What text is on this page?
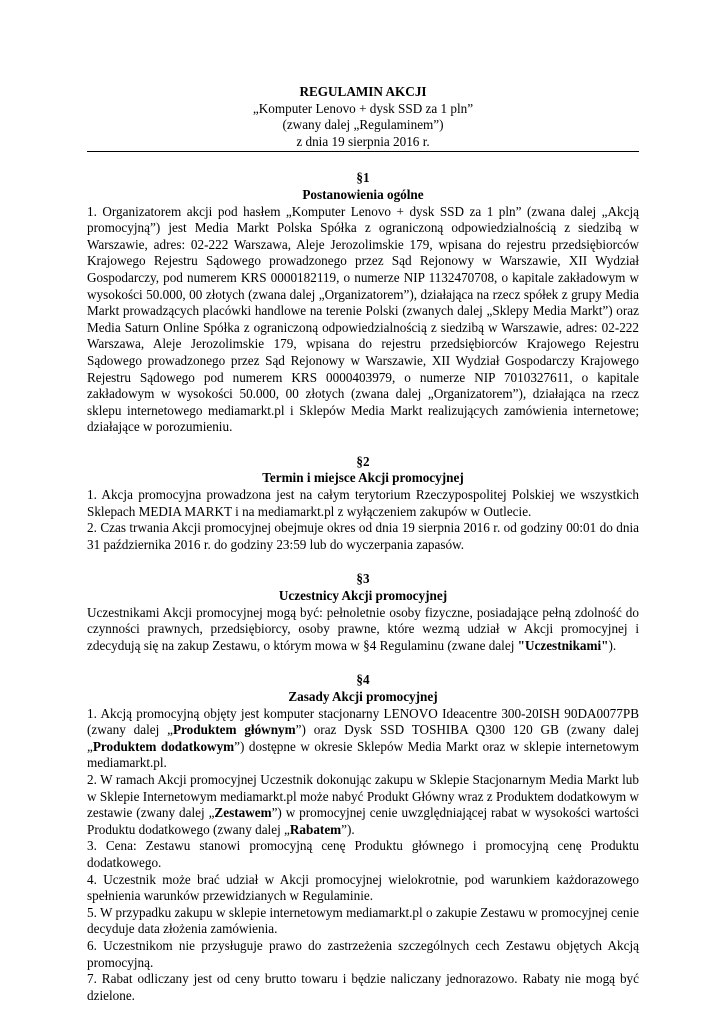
REGULAMIN AKCJI
„Komputer Lenovo + dysk SSD za 1 pln”
(zwany dalej „Regulaminem”)
z dnia 19 sierpnia 2016 r.
§1
Postanowienia ogólne

1. Organizatorem akcji pod hasłem „Komputer Lenovo + dysk SSD za 1 pln” (zwana dalej „Akcją promocyjną”) jest Media Markt Polska Spółka z ograniczoną odpowiedzialnością z siedzibą w Warszawie, adres: 02-222 Warszawa, Aleje Jerozolimskie 179, wpisana do rejestru przedsiębiorców Krajowego Rejestru Sądowego prowadzonego przez Sąd Rejonowy w Warszawie, XII Wydział Gospodarczy, pod numerem KRS 0000182119, o numerze NIP 1132470708, o kapitale zakładowym w wysokości 50.000, 00 złotych (zwana dalej „Organizatorem”), działająca na rzecz spółek z grupy Media Markt prowadzących placówki handlowe na terenie Polski (zwanych dalej „Sklepy Media Markt”) oraz Media Saturn Online Spółka z ograniczoną odpowiedzialnością z siedzibą w Warszawie, adres: 02-222 Warszawa, Aleje Jerozolimskie 179, wpisana do rejestru przedsiębiorców Krajowego Rejestru Sądowego prowadzonego przez Sąd Rejonowy w Warszawie, XII Wydział Gospodarczy Krajowego Rejestru Sądowego pod numerem KRS 0000403979, o numerze NIP 7010327611, o kapitale zakładowym w wysokości 50.000, 00 złotych (zwana dalej „Organizatorem”), działająca na rzecz sklepu internetowego mediamarkt.pl i Sklepów Media Markt realizujących zamówienia internetowe; działające w porozumieniu.

§2
Termin i miejsce Akcji promocyjnej

1. Akcja promocyjna prowadzona jest na całym terytorium Rzeczypospolitej Polskiej we wszystkich Sklepach MEDIA MARKT i na mediamarkt.pl z wyłączeniem zakupów w Outlecie.

2. Czas trwania Akcji promocyjnej obejmuje okres od dnia 19 sierpnia 2016 r. od godziny 00:01 do dnia 31 października 2016 r. do godziny 23:59 lub do wyczerpania zapasów.

§3
Uczestnicy Akcji promocyjnej

Uczestnikami Akcji promocyjnej mogą być: pełnoletnie osoby fizyczne, posiadające pełną zdolność do czynności prawnych, przedsiębiorcy, osoby prawne, które wezmą udział w Akcji promocyjnej i zdecydują się na zakup Zestawu, o którym mowa w §4 Regulaminu (zwane dalej "Uczestnikami").

§4
Zasady Akcji promocyjnej

1. Akcją promocyjną objęty jest komputer stacjonarny LENOVO Ideacentre 300-20ISH 90DA0077PB (zwany dalej „Produktem głównym”) oraz Dysk SSD TOSHIBA Q300 120 GB (zwany dalej „Produktem dodatkowym”) dostępne w okresie Sklepów Media Markt oraz w sklepie internetowym mediamarkt.pl.

2. W ramach Akcji promocyjnej Uczestnik dokonując zakupu w Sklepie Stacjonarnym Media Markt lub w Sklepie Internetowym mediamarkt.pl może nabyć Produkt Główny wraz z Produktem dodatkowym w zestawie (zwany dalej „Zestawem”) w promocyjnej cenie uwzględniającej rabat w wysokości wartości Produktu dodatkowego (zwany dalej „Rabatem”).

3. Cena: Zestawu stanowi promocyjną cenę Produktu głównego i promocyjną cenę Produktu dodatkowego.

4. Uczestnik może brać udział w Akcji promocyjnej wielokrotnie, pod warunkiem każdorazowego spełnienia warunków przewidzianych w Regulaminie.

5. W przypadku zakupu w sklepie internetowym mediamarkt.pl o zakupie Zestawu w promocyjnej cenie decyduje data złożenia zamówienia.

6. Uczestnikom nie przysługuje prawo do zastrzeżenia szczególnych cech Zestawu objętych Akcją promocyjną.

7. Rabat odliczany jest od ceny brutto towaru i będzie naliczany jednorazowo. Rabaty nie mogą być dzielone.
